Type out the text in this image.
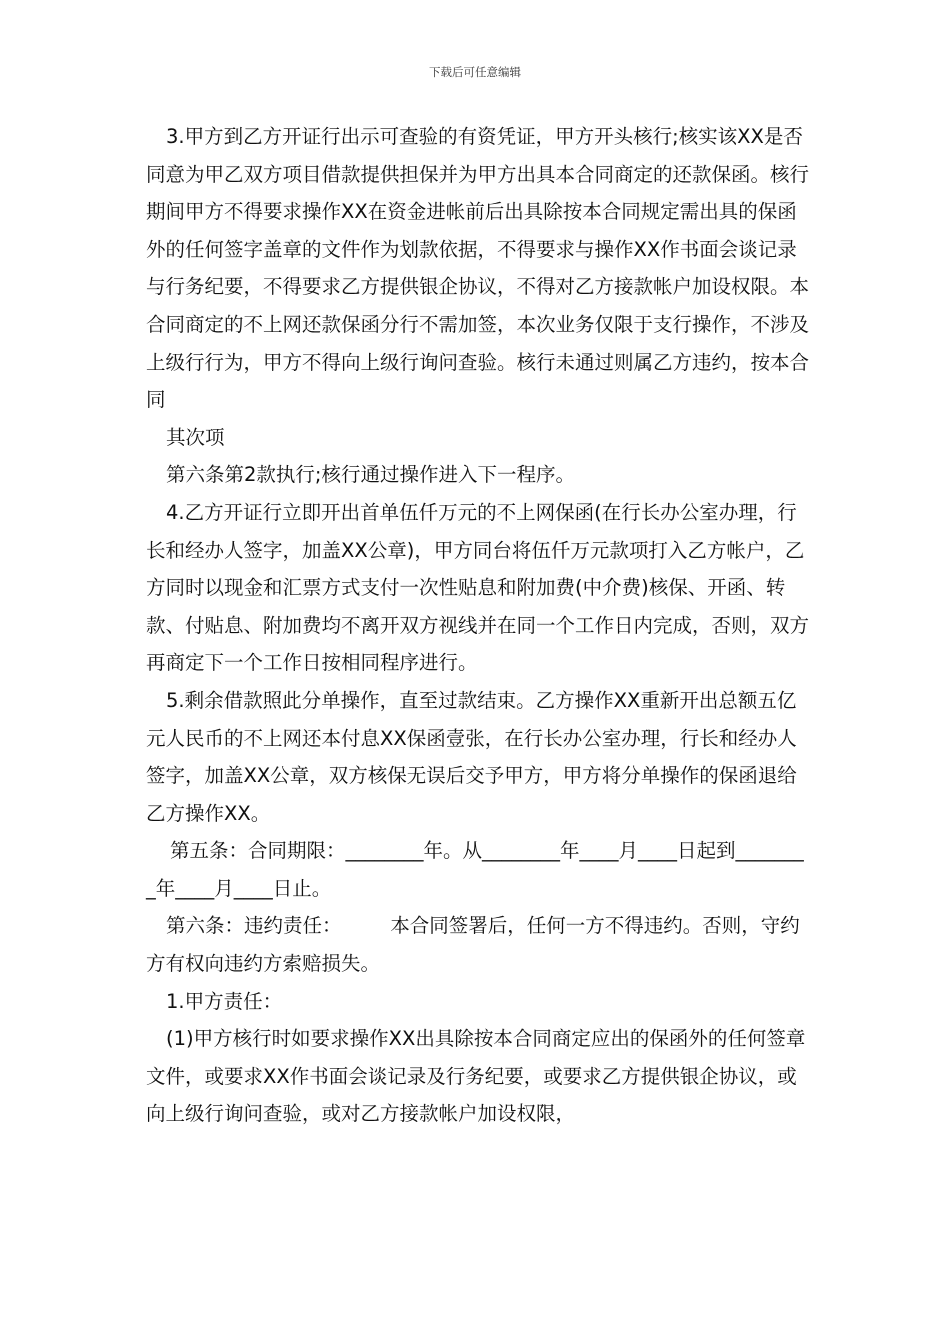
下载后可任意编辑

3.甲方到乙方开证行出示可查验的有资凭证，甲方开头核行;核实该XX是否同意为甲乙双方项目借款提供担保并为甲方出具本合同商定的还款保函。核行期间甲方不得要求操作XX在资金进帐前后出具除按本合同规定需出具的保函外的任何签字盖章的文件作为划款依据，不得要求与操作XX作书面会谈记录与行务纪要，不得要求乙方提供银企协议，不得对乙方接款帐户加设权限。本合同商定的不上网还款保函分行不需加签，本次业务仅限于支行操作，不涉及上级行行为，甲方不得向上级行询问查验。核行未通过则属乙方违约，按本合同

其次项

第六条第2款执行;核行通过操作进入下一程序。

4.乙方开证行立即开出首单伍仟万元的不上网保函(在行长办公室办理，行长和经办人签字，加盖XX公章)，甲方同台将伍仟万元款项打入乙方帐户，乙方同时以现金和汇票方式支付一次性贴息和附加费(中介费)核保、开函、转款、付贴息、附加费均不离开双方视线并在同一个工作日内完成，否则，双方再商定下一个工作日按相同程序进行。

5.剩余借款照此分单操作，直至过款结束。乙方操作XX重新开出总额五亿元人民币的不上网还本付息XX保函壹张，在行长办公室办理，行长和经办人签字，加盖XX公章，双方核保无误后交予甲方，甲方将分单操作的保函退给乙方操作XX。

第五条：合同期限：________年。从________年____月____日起到________年____月____日止。

第六条：违约责任：　　　本合同签署后，任何一方不得违约。否则，守约方有权向违约方索赔损失。

1.甲方责任：

(1)甲方核行时如要求操作XX出具除按本合同商定应出的保函外的任何签章文件，或要求XX作书面会谈记录及行务纪要，或要求乙方提供银企协议，或向上级行询问查验，或对乙方接款帐户加设权限，
